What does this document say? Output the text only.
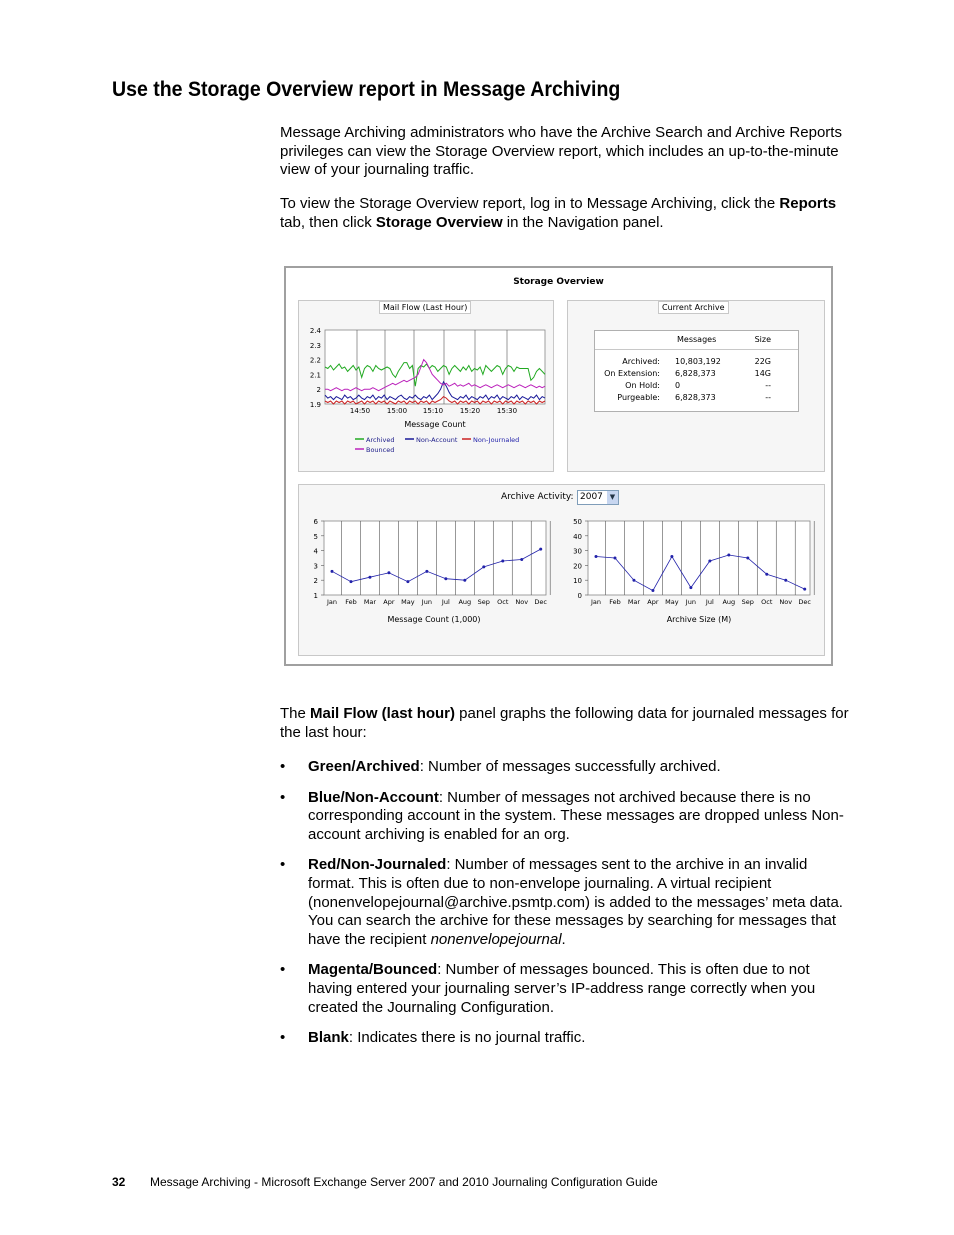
Use the Storage Overview report in Message Archiving

Message Archiving administrators who have the Archive Search and Archive Reports privileges can view the Storage Overview report, which includes an up-to-the-minute view of your journaling traffic.

To view the Storage Overview report, log in to Message Archiving, click the Reports tab, then click Storage Overview in the Navigation panel.

Storage Overview
Mail Flow (Last Hour)
2.4
2.3
2.2
2.1
2
1.9
14:50 15:00 15:10 15:20 15:30
Message Count
Archived	Non-Account Non-Journaled
Bounced
Current Archive
Messages	Size
Archived: 10,803,192	22G
On Extension: 6,828,373	14G
On Hold: 0	--
Purgeable: 6,828,373	--
Archive Activity: 2007 ▼
6
5
4
3
2
1
Jan Feb Mar Apr May Jun Jul Aug Sep Oct Nov Dec
Message Count (1,000)
50
40
30
20
10
0
Jan Feb Mar Apr May Jun Jul Aug Sep Oct Nov Dec
Archive Size (M)

The Mail Flow (last hour) panel graphs the following data for journaled messages for the last hour:

• Green/Archived: Number of messages successfully archived.
• Blue/Non-Account: Number of messages not archived because there is no corresponding account in the system. These messages are dropped unless Non-account archiving is enabled for an org.
• Red/Non-Journaled: Number of messages sent to the archive in an invalid format. This is often due to non-envelope journaling. A virtual recipient (nonenvelopejournal@archive.psmtp.com) is added to the messages’ meta data. You can search the archive for these messages by searching for messages that have the recipient nonenvelopejournal.
• Magenta/Bounced: Number of messages bounced. This is often due to not having entered your journaling server’s IP-address range correctly when you created the Journaling Configuration.
• Blank: Indicates there is no journal traffic.
32 Message Archiving - Microsoft Exchange Server 2007 and 2010 Journaling Configuration Guide
